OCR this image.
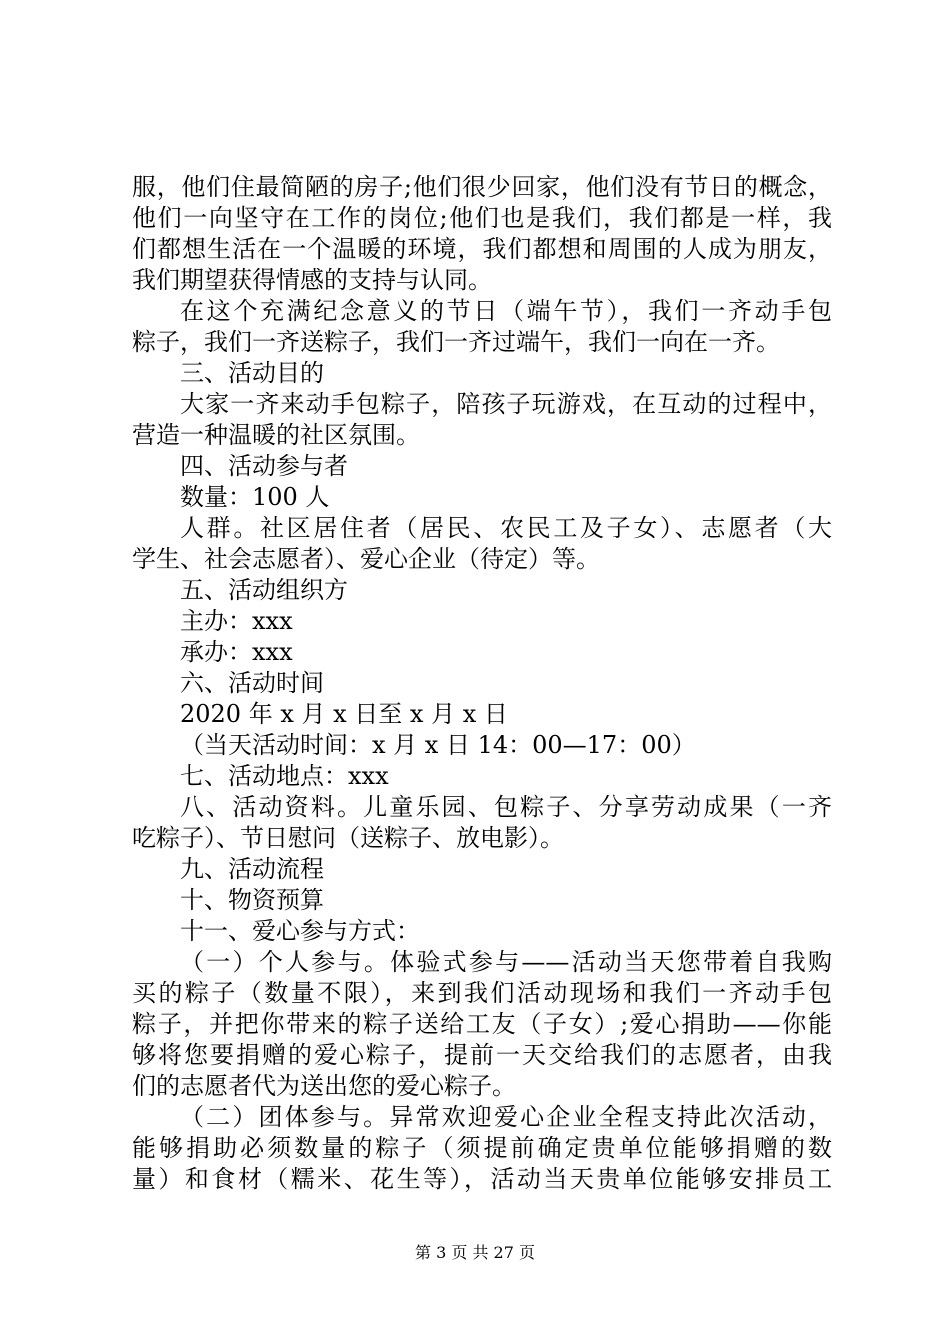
服，他们住最简陋的房子;他们很少回家，他们没有节日的概念，
他们一向坚守在工作的岗位;他们也是我们，我们都是一样，我
们都想生活在一个温暖的环境，我们都想和周围的人成为朋友，
我们期望获得情感的支持与认同。
在这个充满纪念意义的节日（端午节），我们一齐动手包
粽子，我们一齐送粽子，我们一齐过端午，我们一向在一齐。
三、活动目的
大家一齐来动手包粽子，陪孩子玩游戏，在互动的过程中，
营造一种温暖的社区氛围。
四、活动参与者
数量：100 人
人群。社区居住者（居民、农民工及子女）、志愿者（大
学生、社会志愿者）、爱心企业（待定）等。
五、活动组织方
主办：xxx
承办：xxx
六、活动时间
2020 年 x 月 x 日至 x 月 x 日
（当天活动时间：x 月 x 日 14：00—17：00）
七、活动地点：xxx
八、活动资料。儿童乐园、包粽子、分享劳动成果（一齐
吃粽子）、节日慰问（送粽子、放电影）。
九、活动流程
十、物资预算
十一、爱心参与方式：
（一）个人参与。体验式参与——活动当天您带着自我购
买的粽子（数量不限），来到我们活动现场和我们一齐动手包
粽子，并把你带来的粽子送给工友（子女）;爱心捐助——你能
够将您要捐赠的爱心粽子，提前一天交给我们的志愿者，由我
们的志愿者代为送出您的爱心粽子。
（二）团体参与。异常欢迎爱心企业全程支持此次活动，
能够捐助必须数量的粽子（须提前确定贵单位能够捐赠的数
量）和食材（糯米、花生等），活动当天贵单位能够安排员工
第 3 页 共 27 页
